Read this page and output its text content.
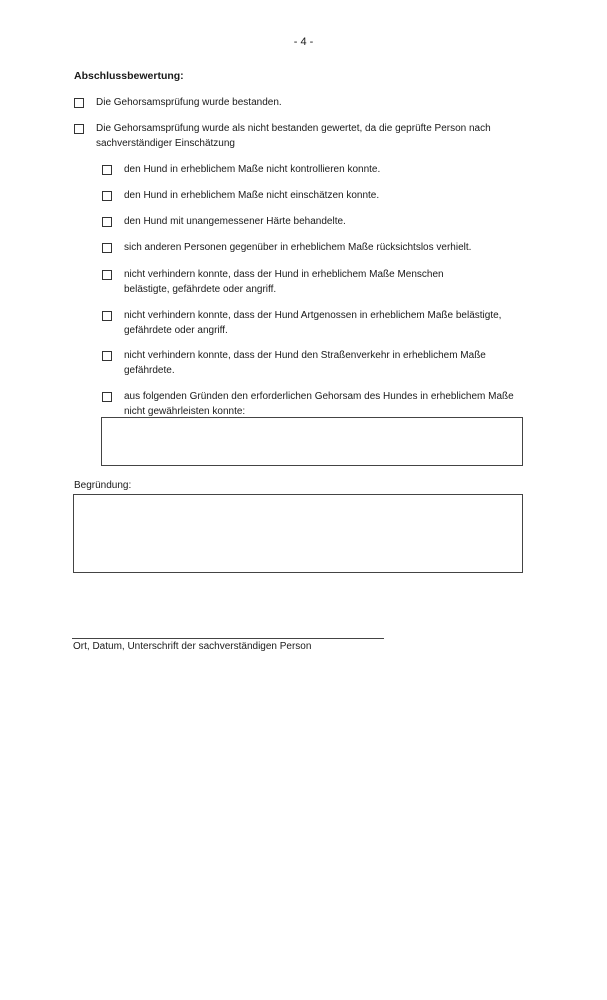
- 4 -
Abschlussbewertung:
Die Gehorsamsprüfung wurde bestanden.
Die Gehorsamsprüfung wurde als nicht bestanden gewertet, da die geprüfte Person nach sachverständiger Einschätzung
den Hund in erheblichem Maße nicht kontrollieren konnte.
den Hund in erheblichem Maße nicht einschätzen konnte.
den Hund mit unangemessener Härte behandelte.
sich anderen Personen gegenüber in erheblichem Maße rücksichtslos verhielt.
nicht verhindern konnte, dass der Hund in erheblichem Maße Menschen belästigte, gefährdete oder angriff.
nicht verhindern konnte, dass der Hund Artgenossen in erheblichem Maße belästigte, gefährdete oder angriff.
nicht verhindern konnte, dass der Hund den Straßenverkehr in erheblichem Maße gefährdete.
aus folgenden Gründen den erforderlichen Gehorsam des Hundes in erheblichem Maße nicht gewährleisten konnte:
Begründung:
Ort, Datum, Unterschrift der sachverständigen Person
